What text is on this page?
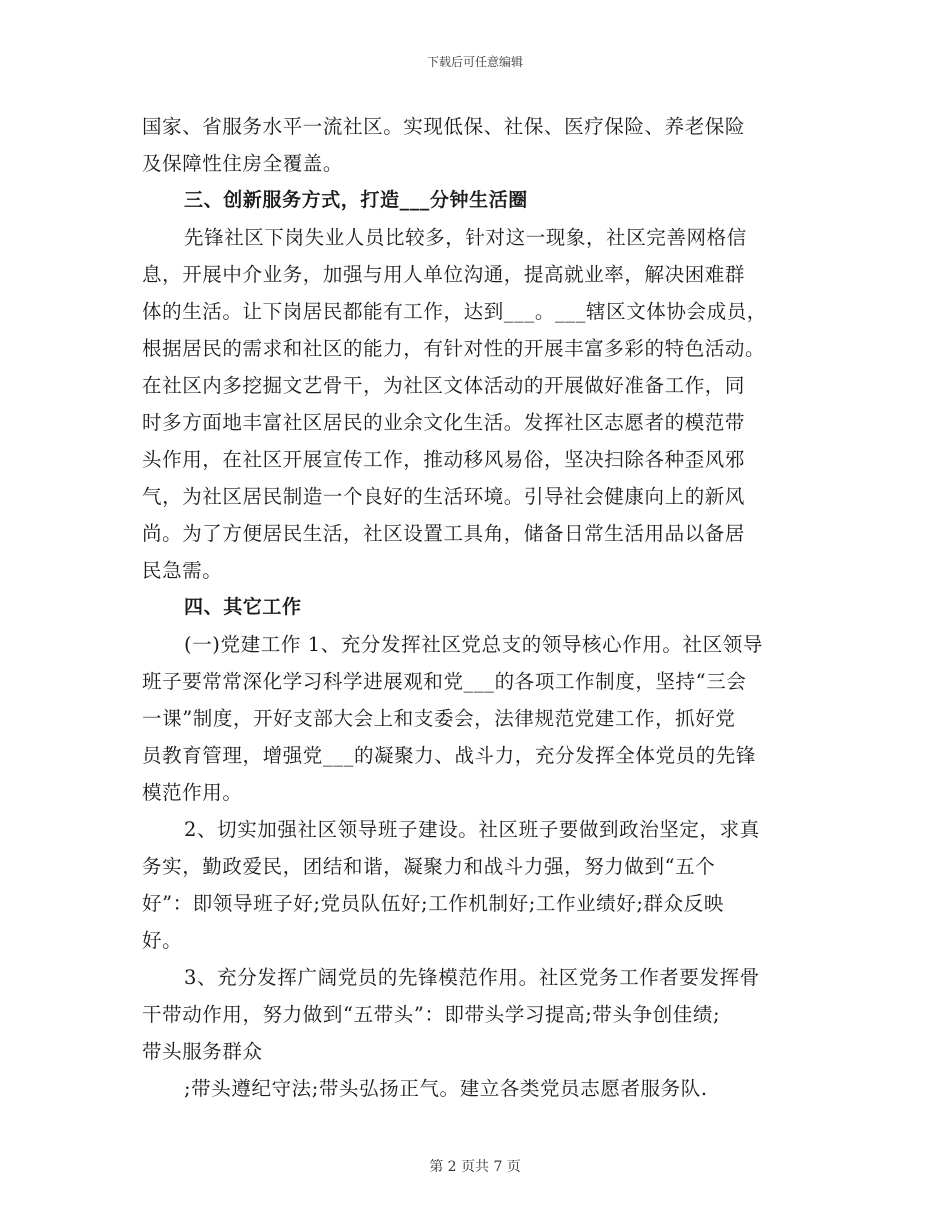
下载后可任意编辑
国家、省服务水平一流社区。实现低保、社保、医疗保险、养老保险
及保障性住房全覆盖。
三、创新服务方式，打造___分钟生活圈
先锋社区下岗失业人员比较多，针对这一现象，社区完善网格信
息，开展中介业务，加强与用人单位沟通，提高就业率，解决困难群
体的生活。让下岗居民都能有工作，达到___。___辖区文体协会成员，
根据居民的需求和社区的能力，有针对性的开展丰富多彩的特色活动。
在社区内多挖掘文艺骨干，为社区文体活动的开展做好准备工作，同
时多方面地丰富社区居民的业余文化生活。发挥社区志愿者的模范带
头作用，在社区开展宣传工作，推动移风易俗，坚决扫除各种歪风邪
气，为社区居民制造一个良好的生活环境。引导社会健康向上的新风
尚。为了方便居民生活，社区设置工具角，储备日常生活用品以备居
民急需。
四、其它工作
(一)党建工作 1、充分发挥社区党总支的领导核心作用。社区领导
班子要常常深化学习科学进展观和党___的各项工作制度，坚持“三会
一课”制度，开好支部大会上和支委会，法律规范党建工作，抓好党
员教育管理，增强党___的凝聚力、战斗力，充分发挥全体党员的先锋
模范作用。
2、切实加强社区领导班子建设。社区班子要做到政治坚定，求真
务实，勤政爱民，团结和谐，凝聚力和战斗力强，努力做到“五个
好”：即领导班子好;党员队伍好;工作机制好;工作业绩好;群众反映
好。
3、充分发挥广阔党员的先锋模范作用。社区党务工作者要发挥骨
干带动作用，努力做到“五带头”：即带头学习提高;带头争创佳绩;
带头服务群众
;带头遵纪守法;带头弘扬正气。建立各类党员志愿者服务队.
第 2 页共 7 页
